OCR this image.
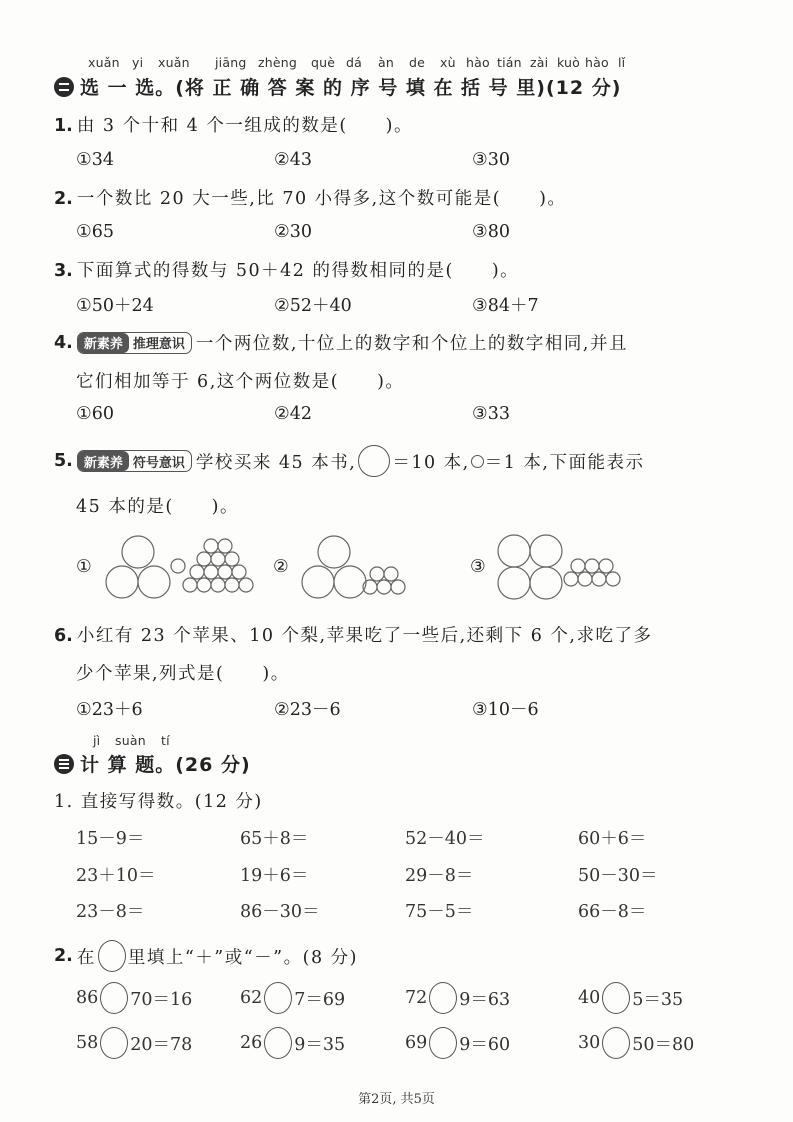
xuǎn yi xuǎn jiāng zhèng què dá àn de xù hào tián zài kuò hào lǐ
选 一 选。(将 正 确 答 案 的 序 号 填 在 括 号 里)(12 分)
1. 由 3 个十和 4 个一组成的数是(　　)。
①34	②43	③30
2. 一个数比 20 大一些,比 70 小得多,这个数可能是(　　)。
①65	②30	③80
3. 下面算式的得数与 50＋42 的得数相同的是(　　)。
①50＋24	②52＋40	③84＋7
4. 新素养 推理意识 一个两位数,十位上的数字和个位上的数字相同,并且
它们相加等于 6,这个两位数是(　　)。
①60	②42	③33
5. 新素养 符号意识 学校买来 45 本书, ＝10 本, ＝1 本,下面能表示
45 本的是(　　)。
①	②	③
6. 小红有 23 个苹果、10 个梨,苹果吃了一些后,还剩下 6 个,求吃了多
少个苹果,列式是(　　)。
①23＋6	②23－6	③10－6
jì suàn tí
计 算 题。(26 分)
1. 直接写得数。(12 分)
15－9＝	65＋8＝	52－40＝	60＋6＝
23＋10＝	19＋6＝	29－8＝	50－30＝
23－8＝	86－30＝	75－5＝	66－8＝
2. 在 里填上“＋”或“－”。(8 分)
86 70＝16	62 7＝69	72 9＝63	40 5＝35
58 20＝78	26 9＝35	69 9＝60	30 50＝80
第2页, 共5页
